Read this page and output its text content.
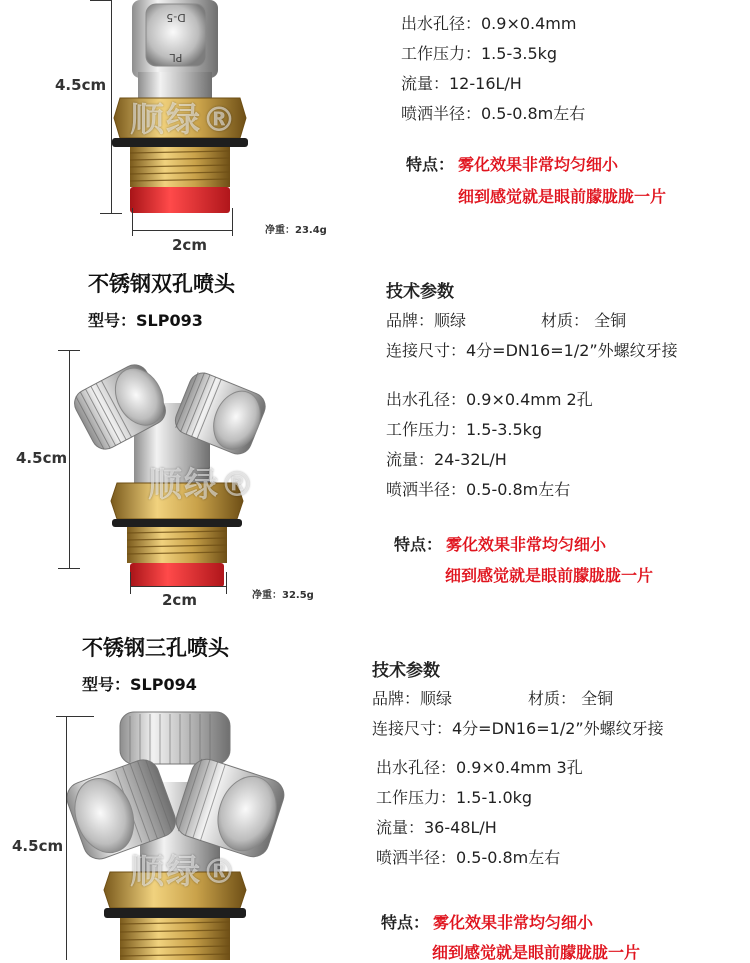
D-5
PL
顺绿®
4.5cm
2cm
净重：23.4g
出水孔径：0.9×0.4mm
工作压力：1.5-3.5kg
流量：12-16L/H
喷洒半径：0.5-0.8m左右
特点： 雾化效果非常均匀细小
细到感觉就是眼前朦胧胧一片
不锈钢双孔喷头
型号：SLP093
顺绿®
4.5cm
2cm	净重：32.5g
技术参数
品牌：顺绿	材质： 全铜
连接尺寸：4分=DN16=1/2”外螺纹牙接
出水孔径：0.9×0.4mm 2孔
工作压力：1.5-3.5kg
流量：24-32L/H
喷洒半径：0.5-0.8m左右
特点： 雾化效果非常均匀细小
细到感觉就是眼前朦胧胧一片
不锈钢三孔喷头
型号：SLP094
顺绿®
4.5cm
技术参数
品牌：顺绿	材质： 全铜
连接尺寸：4分=DN16=1/2”外螺纹牙接
出水孔径：0.9×0.4mm 3孔
工作压力：1.5-1.0kg
流量：36-48L/H
喷洒半径：0.5-0.8m左右
特点： 雾化效果非常均匀细小
细到感觉就是眼前朦胧胧一片
